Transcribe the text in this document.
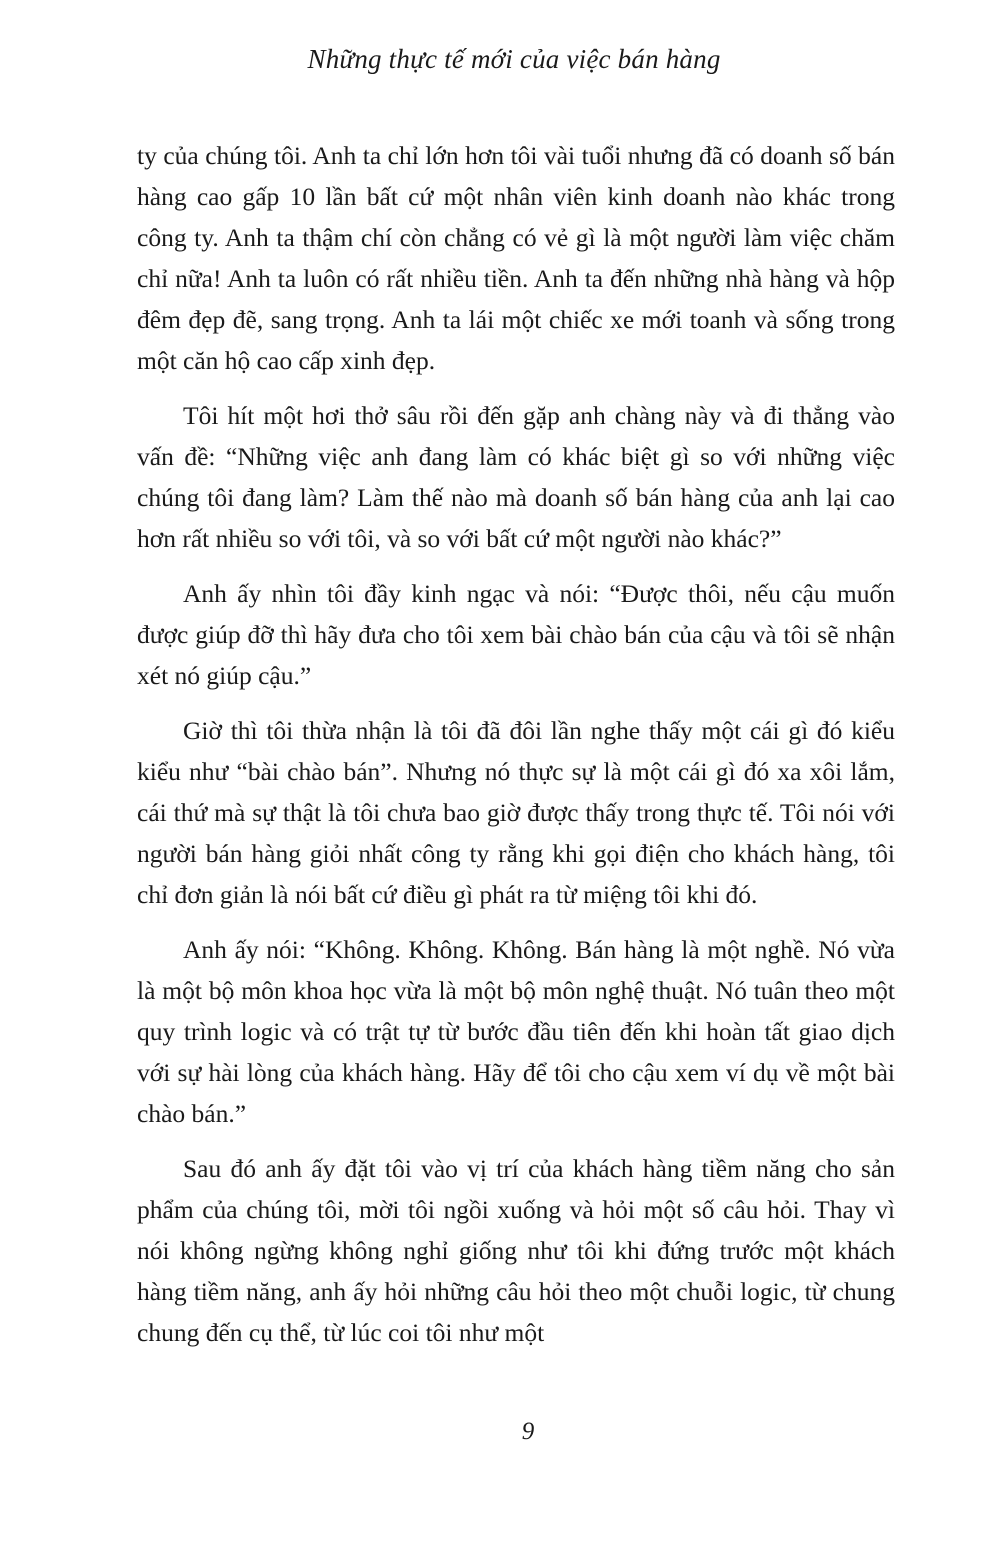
Những thực tế mới của việc bán hàng

ty của chúng tôi. Anh ta chỉ lớn hơn tôi vài tuổi nhưng đã có doanh số bán hàng cao gấp 10 lần bất cứ một nhân viên kinh doanh nào khác trong công ty. Anh ta thậm chí còn chẳng có vẻ gì là một người làm việc chăm chỉ nữa! Anh ta luôn có rất nhiều tiền. Anh ta đến những nhà hàng và hộp đêm đẹp đẽ, sang trọng. Anh ta lái một chiếc xe mới toanh và sống trong một căn hộ cao cấp xinh đẹp.

Tôi hít một hơi thở sâu rồi đến gặp anh chàng này và đi thẳng vào vấn đề: “Những việc anh đang làm có khác biệt gì so với những việc chúng tôi đang làm? Làm thế nào mà doanh số bán hàng của anh lại cao hơn rất nhiều so với tôi, và so với bất cứ một người nào khác?”

Anh ấy nhìn tôi đầy kinh ngạc và nói: “Được thôi, nếu cậu muốn được giúp đỡ thì hãy đưa cho tôi xem bài chào bán của cậu và tôi sẽ nhận xét nó giúp cậu.”

Giờ thì tôi thừa nhận là tôi đã đôi lần nghe thấy một cái gì đó kiểu kiểu như “bài chào bán”. Nhưng nó thực sự là một cái gì đó xa xôi lắm, cái thứ mà sự thật là tôi chưa bao giờ được thấy trong thực tế. Tôi nói với người bán hàng giỏi nhất công ty rằng khi gọi điện cho khách hàng, tôi chỉ đơn giản là nói bất cứ điều gì phát ra từ miệng tôi khi đó.

Anh ấy nói: “Không. Không. Không. Bán hàng là một nghề. Nó vừa là một bộ môn khoa học vừa là một bộ môn nghệ thuật. Nó tuân theo một quy trình logic và có trật tự từ bước đầu tiên đến khi hoàn tất giao dịch với sự hài lòng của khách hàng. Hãy để tôi cho cậu xem ví dụ về một bài chào bán.”

Sau đó anh ấy đặt tôi vào vị trí của khách hàng tiềm năng cho sản phẩm của chúng tôi, mời tôi ngồi xuống và hỏi một số câu hỏi. Thay vì nói không ngừng không nghỉ giống như tôi khi đứng trước một khách hàng tiềm năng, anh ấy hỏi những câu hỏi theo một chuỗi logic, từ chung chung đến cụ thể, từ lúc coi tôi như một

9
